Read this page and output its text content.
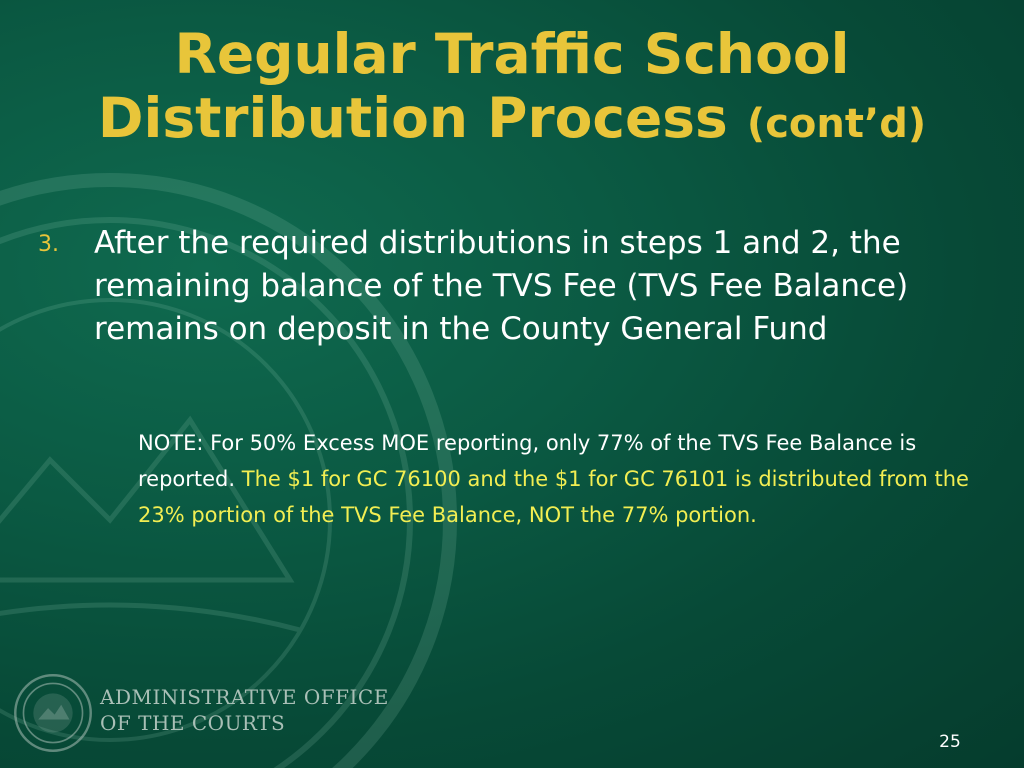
Regular Traffic School
Distribution Process (cont’d)
3. After the required distributions in steps 1 and 2, the remaining balance of the TVS Fee (TVS Fee Balance) remains on deposit in the County General Fund
NOTE: For 50% Excess MOE reporting, only 77% of the TVS Fee Balance is reported. The $1 for GC 76100 and the $1 for GC 76101 is distributed from the 23% portion of the TVS Fee Balance, NOT the 77% portion.
ADMINISTRATIVE OFFICE
OF THE COURTS
25
